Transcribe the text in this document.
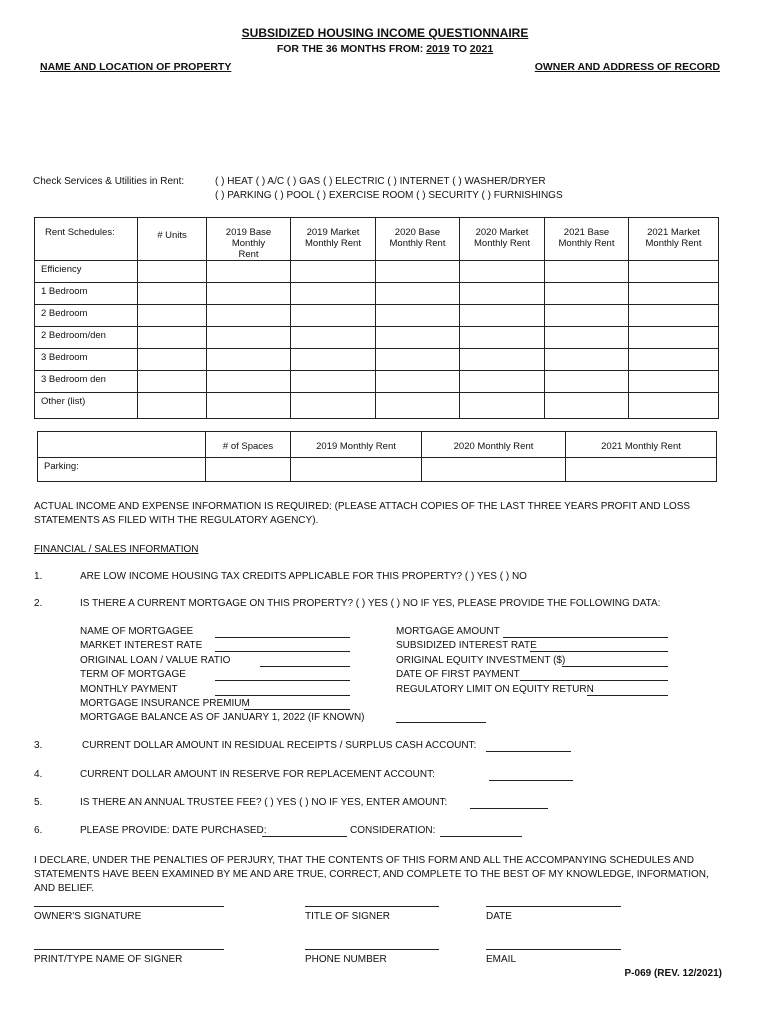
SUBSIDIZED HOUSING INCOME QUESTIONNAIRE
FOR THE 36 MONTHS FROM: 2019 TO 2021
NAME AND LOCATION OF PROPERTY	OWNER AND ADDRESS OF RECORD
Check Services & Utilities in Rent:	( ) HEAT ( ) A/C ( ) GAS ( ) ELECTRIC ( ) INTERNET ( ) WASHER/DRYER
( ) PARKING ( ) POOL ( ) EXERCISE ROOM ( ) SECURITY ( ) FURNISHINGS
Rent Schedules:	# Units	2019 Base Monthly Rent	2019 Market Monthly Rent	2020 Base Monthly Rent	2020 Market Monthly Rent	2021 Base Monthly Rent	2021 Market Monthly Rent

Efficiency							

1 Bedroom							

2 Bedroom							

2 Bedroom/den							

3 Bedroom							

3 Bedroom den							

Other (list)							

	# of Spaces	2019 Monthly Rent	2020 Monthly Rent	2021 Monthly Rent

Parking:				

ACTUAL INCOME AND EXPENSE INFORMATION IS REQUIRED: (PLEASE ATTACH COPIES OF THE LAST THREE YEARS PROFIT AND LOSS STATEMENTS AS FILED WITH THE REGULATORY AGENCY).
FINANCIAL / SALES INFORMATION
1.	ARE LOW INCOME HOUSING TAX CREDITS APPLICABLE FOR THIS PROPERTY? ( ) YES ( ) NO
2.	IS THERE A CURRENT MORTGAGE ON THIS PROPERTY? ( ) YES ( ) NO IF YES, PLEASE PROVIDE THE FOLLOWING DATA:
NAME OF MORTGAGEE
MARKET INTEREST RATE
ORIGINAL LOAN / VALUE RATIO
TERM OF MORTGAGE
MONTHLY PAYMENT
MORTGAGE INSURANCE PREMIUM
MORTGAGE BALANCE AS OF JANUARY 1, 2022 (IF KNOWN)
MORTGAGE AMOUNT
SUBSIDIZED INTEREST RATE
ORIGINAL EQUITY INVESTMENT ($)
DATE OF FIRST PAYMENT
REGULATORY LIMIT ON EQUITY RETURN
3.	CURRENT DOLLAR AMOUNT IN RESIDUAL RECEIPTS / SURPLUS CASH ACCOUNT:
4.	CURRENT DOLLAR AMOUNT IN RESERVE FOR REPLACEMENT ACCOUNT:
5.	IS THERE AN ANNUAL TRUSTEE FEE? ( ) YES ( ) NO IF YES, ENTER AMOUNT:
6.	PLEASE PROVIDE: DATE PURCHASED:	CONSIDERATION:
I DECLARE, UNDER THE PENALTIES OF PERJURY, THAT THE CONTENTS OF THIS FORM AND ALL THE ACCOMPANYING SCHEDULES AND STATEMENTS HAVE BEEN EXAMINED BY ME AND ARE TRUE, CORRECT, AND COMPLETE TO THE BEST OF MY KNOWLEDGE, INFORMATION, AND BELIEF.
OWNER'S SIGNATURE	TITLE OF SIGNER	DATE
PRINT/TYPE NAME OF SIGNER	PHONE NUMBER	EMAIL
P-069 (REV. 12/2021)
